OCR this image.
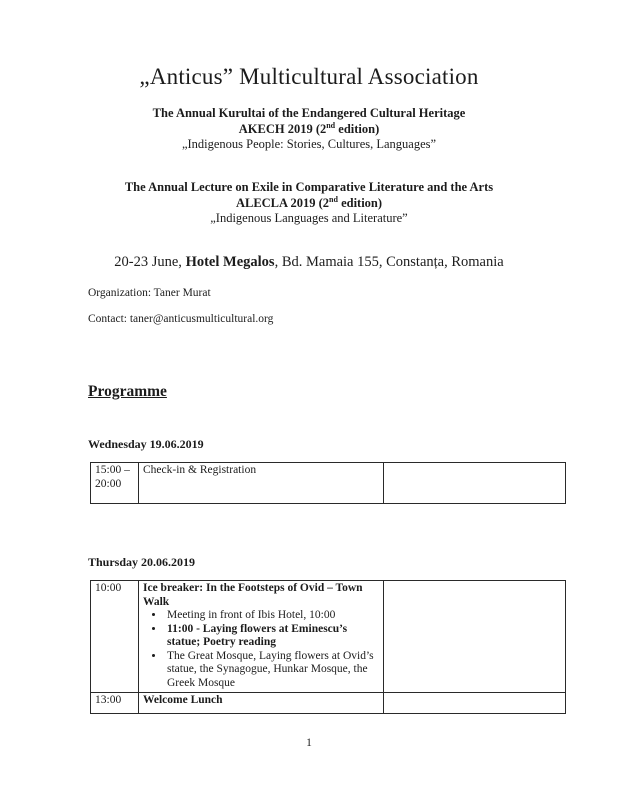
„Anticus” Multicultural Association
The Annual Kurultai of the Endangered Cultural Heritage
AKECH 2019 (2nd edition)
„Indigenous People: Stories, Cultures, Languages”
The Annual Lecture on Exile in Comparative Literature and the Arts
ALECLA 2019 (2nd edition)
„Indigenous Languages and Literature”
20-23 June, Hotel Megalos, Bd. Mamaia 155, Constanța, Romania
Organization: Taner Murat
Contact: taner@anticusmulticultural.org
Programme
Wednesday 19.06.2019
15:00 – 20:00	Check-in & Registration	
Thursday 20.06.2019
10:00	Ice breaker: In the Footsteps of Ovid – Town Walk
• Meeting in front of Ibis Hotel, 10:00
• 11:00 - Laying flowers at Eminescu’s statue; Poetry reading
• The Great Mosque, Laying flowers at Ovid’s statue, the Synagogue, Hunkar Mosque, the Greek Mosque

13:00	Welcome Lunch	
1
